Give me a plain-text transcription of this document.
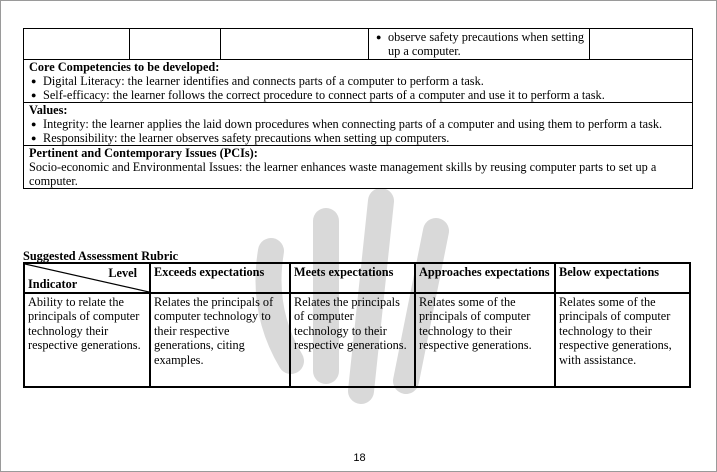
● observe safety precautions when setting up a computer.

Core Competencies to be developed:
● Digital Literacy: the learner identifies and connects parts of a computer to perform a task.
● Self-efficacy: the learner follows the correct procedure to connect parts of a computer and use it to perform a task.

Values:
● Integrity: the learner applies the laid down procedures when connecting parts of a computer and using them to perform a task.
● Responsibility: the learner observes safety precautions when setting up computers.

Pertinent and Contemporary Issues (PCIs):
Socio-economic and Environmental Issues: the learner enhances waste management skills by reusing computer parts to set up a computer.
Suggested Assessment Rubric
Level
Indicator	Exceeds expectations	Meets expectations	Approaches expectations	Below expectations
Ability to relate the principals of computer technology their respective generations.	Relates the principals of computer technology to their respective generations, citing examples.	Relates the principals of computer technology to their respective generations.	Relates some of the principals of computer technology to their respective generations.	Relates some of the principals of computer technology to their respective generations, with assistance.
18
